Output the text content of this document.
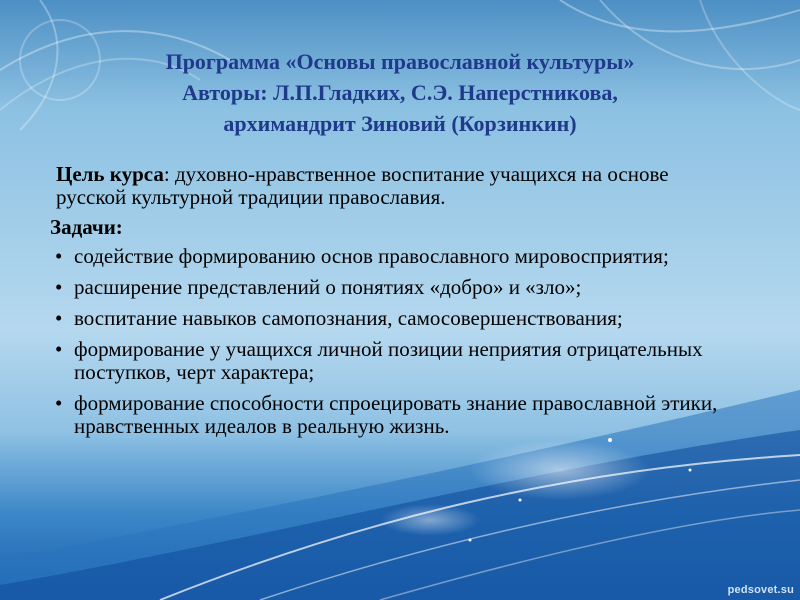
Программа «Основы православной культуры»
Авторы: Л.П.Гладких, С.Э. Наперстникова,
архимандрит Зиновий (Корзинкин)
Цель курса: духовно-нравственное воспитание учащихся на основе русской культурной традиции православия.
Задачи:
• содействие формированию основ православного мировосприятия;
• расширение представлений о понятиях «добро» и «зло»;
• воспитание навыков самопознания, самосовершенствования;
• формирование у учащихся личной позиции неприятия отрицательных поступков, черт характера;
• формирование способности спроецировать знание православной этики, нравственных идеалов в реальную жизнь.
pedsovet.su
